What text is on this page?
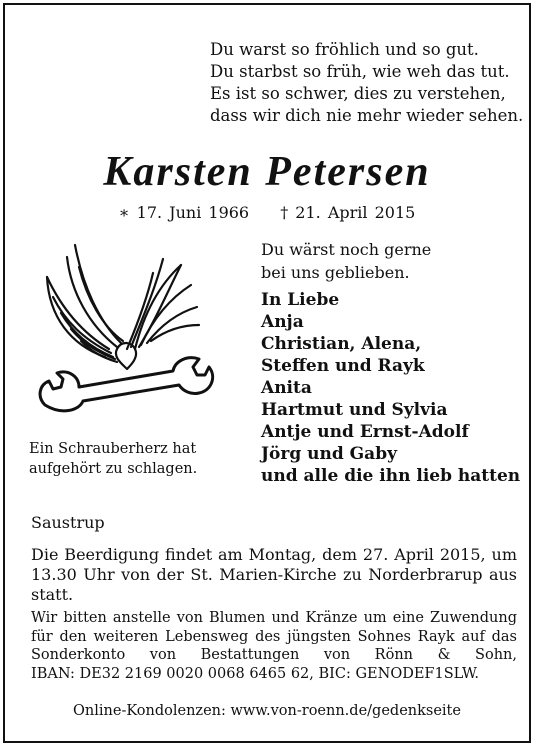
Du warst so fröhlich und so gut.
Du starbst so früh, wie weh das tut.
Es ist so schwer, dies zu verstehen,
dass wir dich nie mehr wieder sehen.
Karsten Petersen
∗ 17. Juni 1966 † 21. April 2015
Ein Schrauberherz hat
aufgehört zu schlagen.
Du wärst noch gerne
bei uns geblieben.
In Liebe
Anja
Christian, Alena,
Steffen und Rayk
Anita
Hartmut und Sylvia
Antje und Ernst-Adolf
Jörg und Gaby
und alle die ihn lieb hatten
Saustrup
Die Beerdigung findet am Montag, dem 27. April 2015, um 13.30 Uhr von der St. Marien-Kirche zu Norderbrarup aus statt.
Wir bitten anstelle von Blumen und Kränze um eine Zuwendung
für den weiteren Lebensweg des jüngsten Sohnes Rayk auf das
Sonderkonto von Bestattungen von Rönn & Sohn,
IBAN: DE32 2169 0020 0068 6465 62, BIC: GENODEF1SLW.
Online-Kondolenzen: www.von-roenn.de/gedenkseite
